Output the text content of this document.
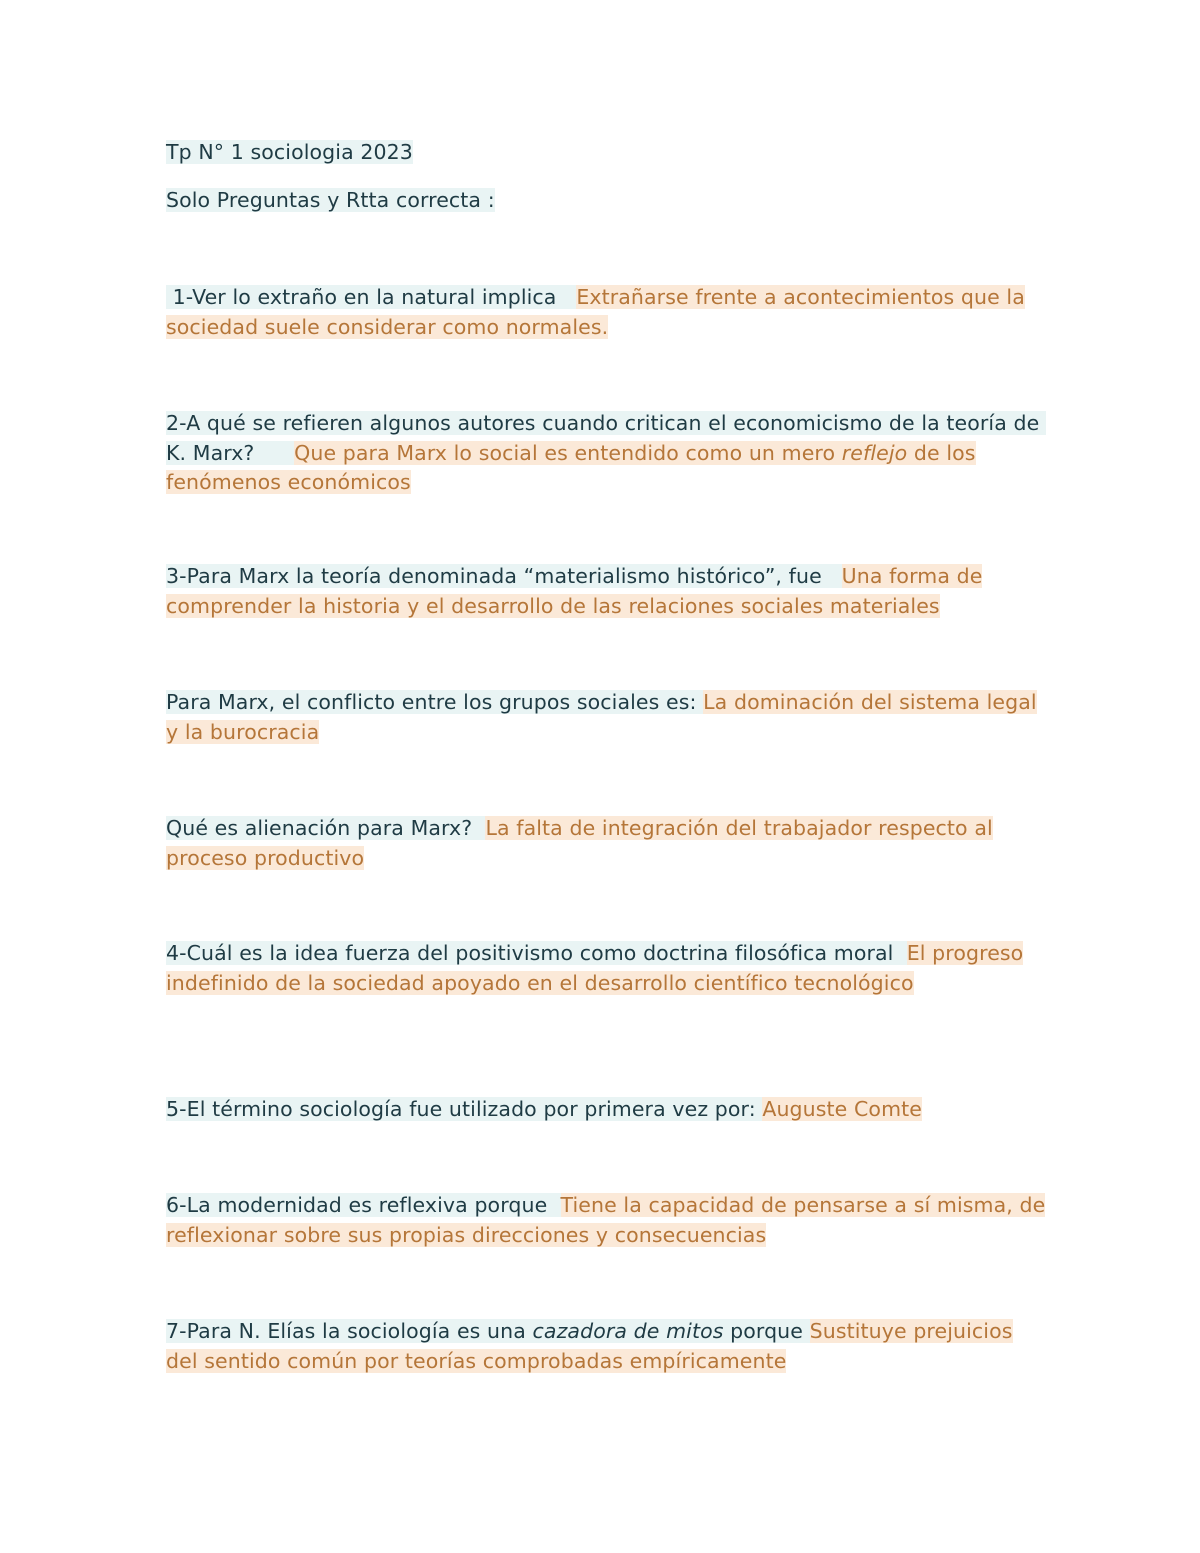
Tp N° 1 sociologia 2023
Solo Preguntas y Rtta correcta :
1-Ver lo extraño en la natural implica   Extrañarse frente a acontecimientos que la sociedad suele considerar como normales.
2-A qué se refieren algunos autores cuando critican el economicismo de la teoría de K. Marx?      Que para Marx lo social es entendido como un mero reflejo de los fenómenos económicos
3-Para Marx la teoría denominada “materialismo histórico”, fue   Una forma de comprender la historia y el desarrollo de las relaciones sociales materiales
Para Marx, el conflicto entre los grupos sociales es: La dominación del sistema legal y la burocracia
Qué es alienación para Marx?  La falta de integración del trabajador respecto al proceso productivo
4-Cuál es la idea fuerza del positivismo como doctrina filosófica moral  El progreso indefinido de la sociedad apoyado en el desarrollo científico tecnológico
5-El término sociología fue utilizado por primera vez por: Auguste Comte
6-La modernidad es reflexiva porque  Tiene la capacidad de pensarse a sí misma, de reflexionar sobre sus propias direcciones y consecuencias
7-Para N. Elías la sociología es una cazadora de mitos porque Sustituye prejuicios del sentido común por teorías comprobadas empíricamente
